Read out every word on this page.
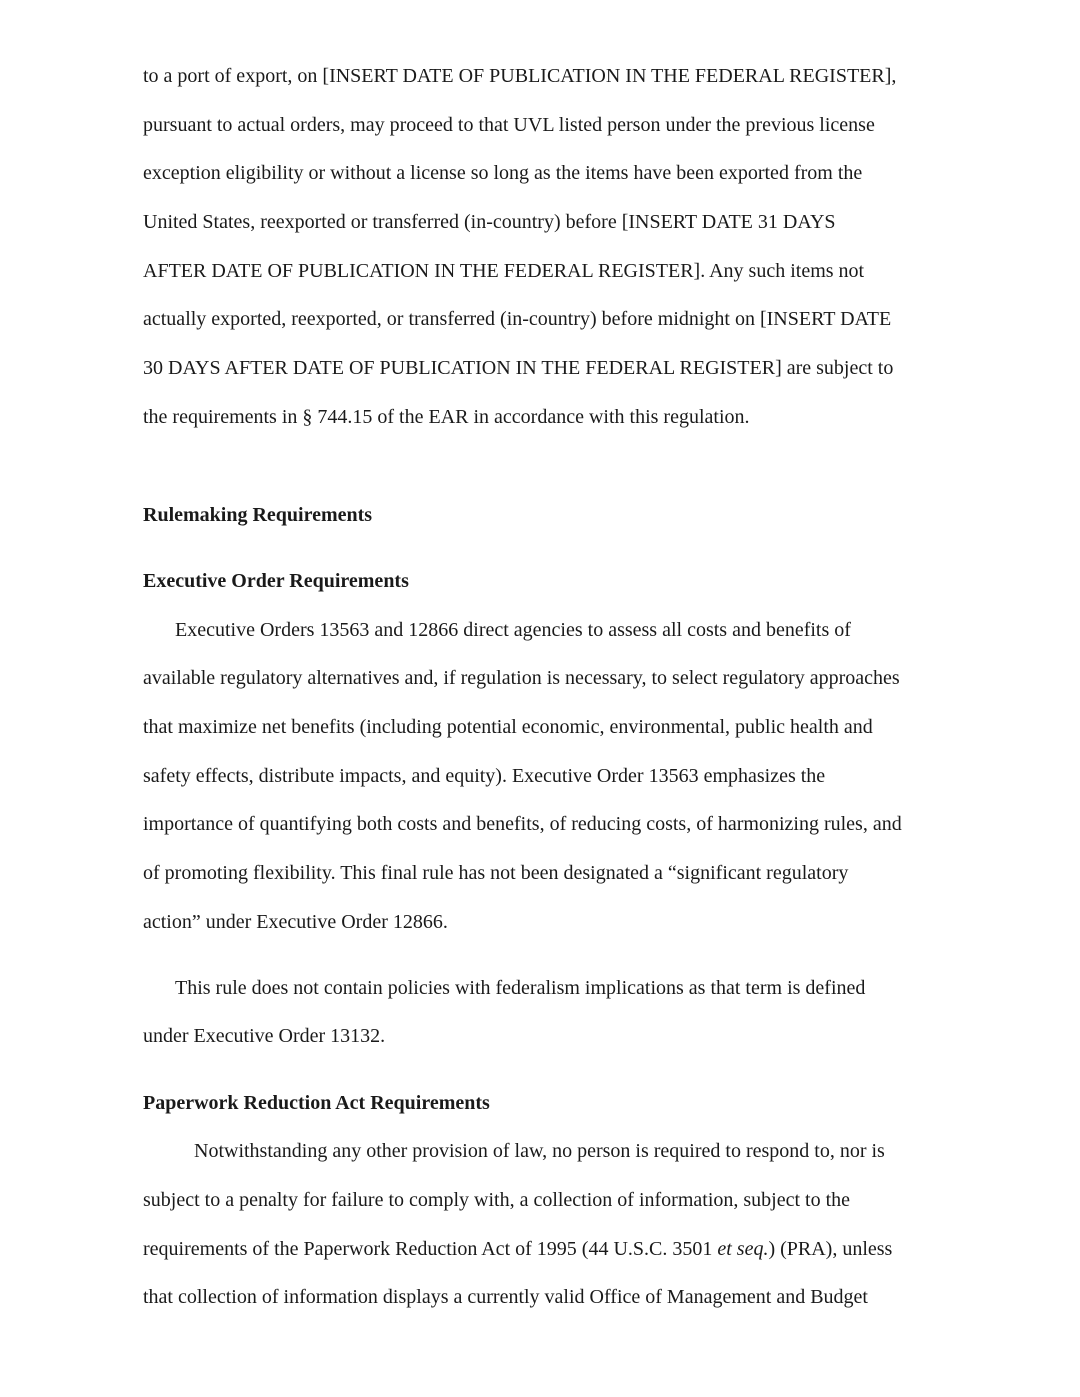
to a port of export, on [INSERT DATE OF PUBLICATION IN THE FEDERAL REGISTER],
pursuant to actual orders, may proceed to that UVL listed person under the previous license
exception eligibility or without a license so long as the items have been exported from the
United States, reexported or transferred (in-country) before [INSERT DATE 31 DAYS
AFTER DATE OF PUBLICATION IN THE FEDERAL REGISTER]. Any such items not
actually exported, reexported, or transferred (in-country) before midnight on [INSERT DATE
30 DAYS AFTER DATE OF PUBLICATION IN THE FEDERAL REGISTER] are subject to
the requirements in § 744.15 of the EAR in accordance with this regulation.
Rulemaking Requirements
Executive Order Requirements
Executive Orders 13563 and 12866 direct agencies to assess all costs and benefits of
available regulatory alternatives and, if regulation is necessary, to select regulatory approaches
that maximize net benefits (including potential economic, environmental, public health and
safety effects, distribute impacts, and equity). Executive Order 13563 emphasizes the
importance of quantifying both costs and benefits, of reducing costs, of harmonizing rules, and
of promoting flexibility. This final rule has not been designated a “significant regulatory
action” under Executive Order 12866.
This rule does not contain policies with federalism implications as that term is defined
under Executive Order 13132.
Paperwork Reduction Act Requirements
Notwithstanding any other provision of law, no person is required to respond to, nor is
subject to a penalty for failure to comply with, a collection of information, subject to the
requirements of the Paperwork Reduction Act of 1995 (44 U.S.C. 3501 et seq.) (PRA), unless
that collection of information displays a currently valid Office of Management and Budget
